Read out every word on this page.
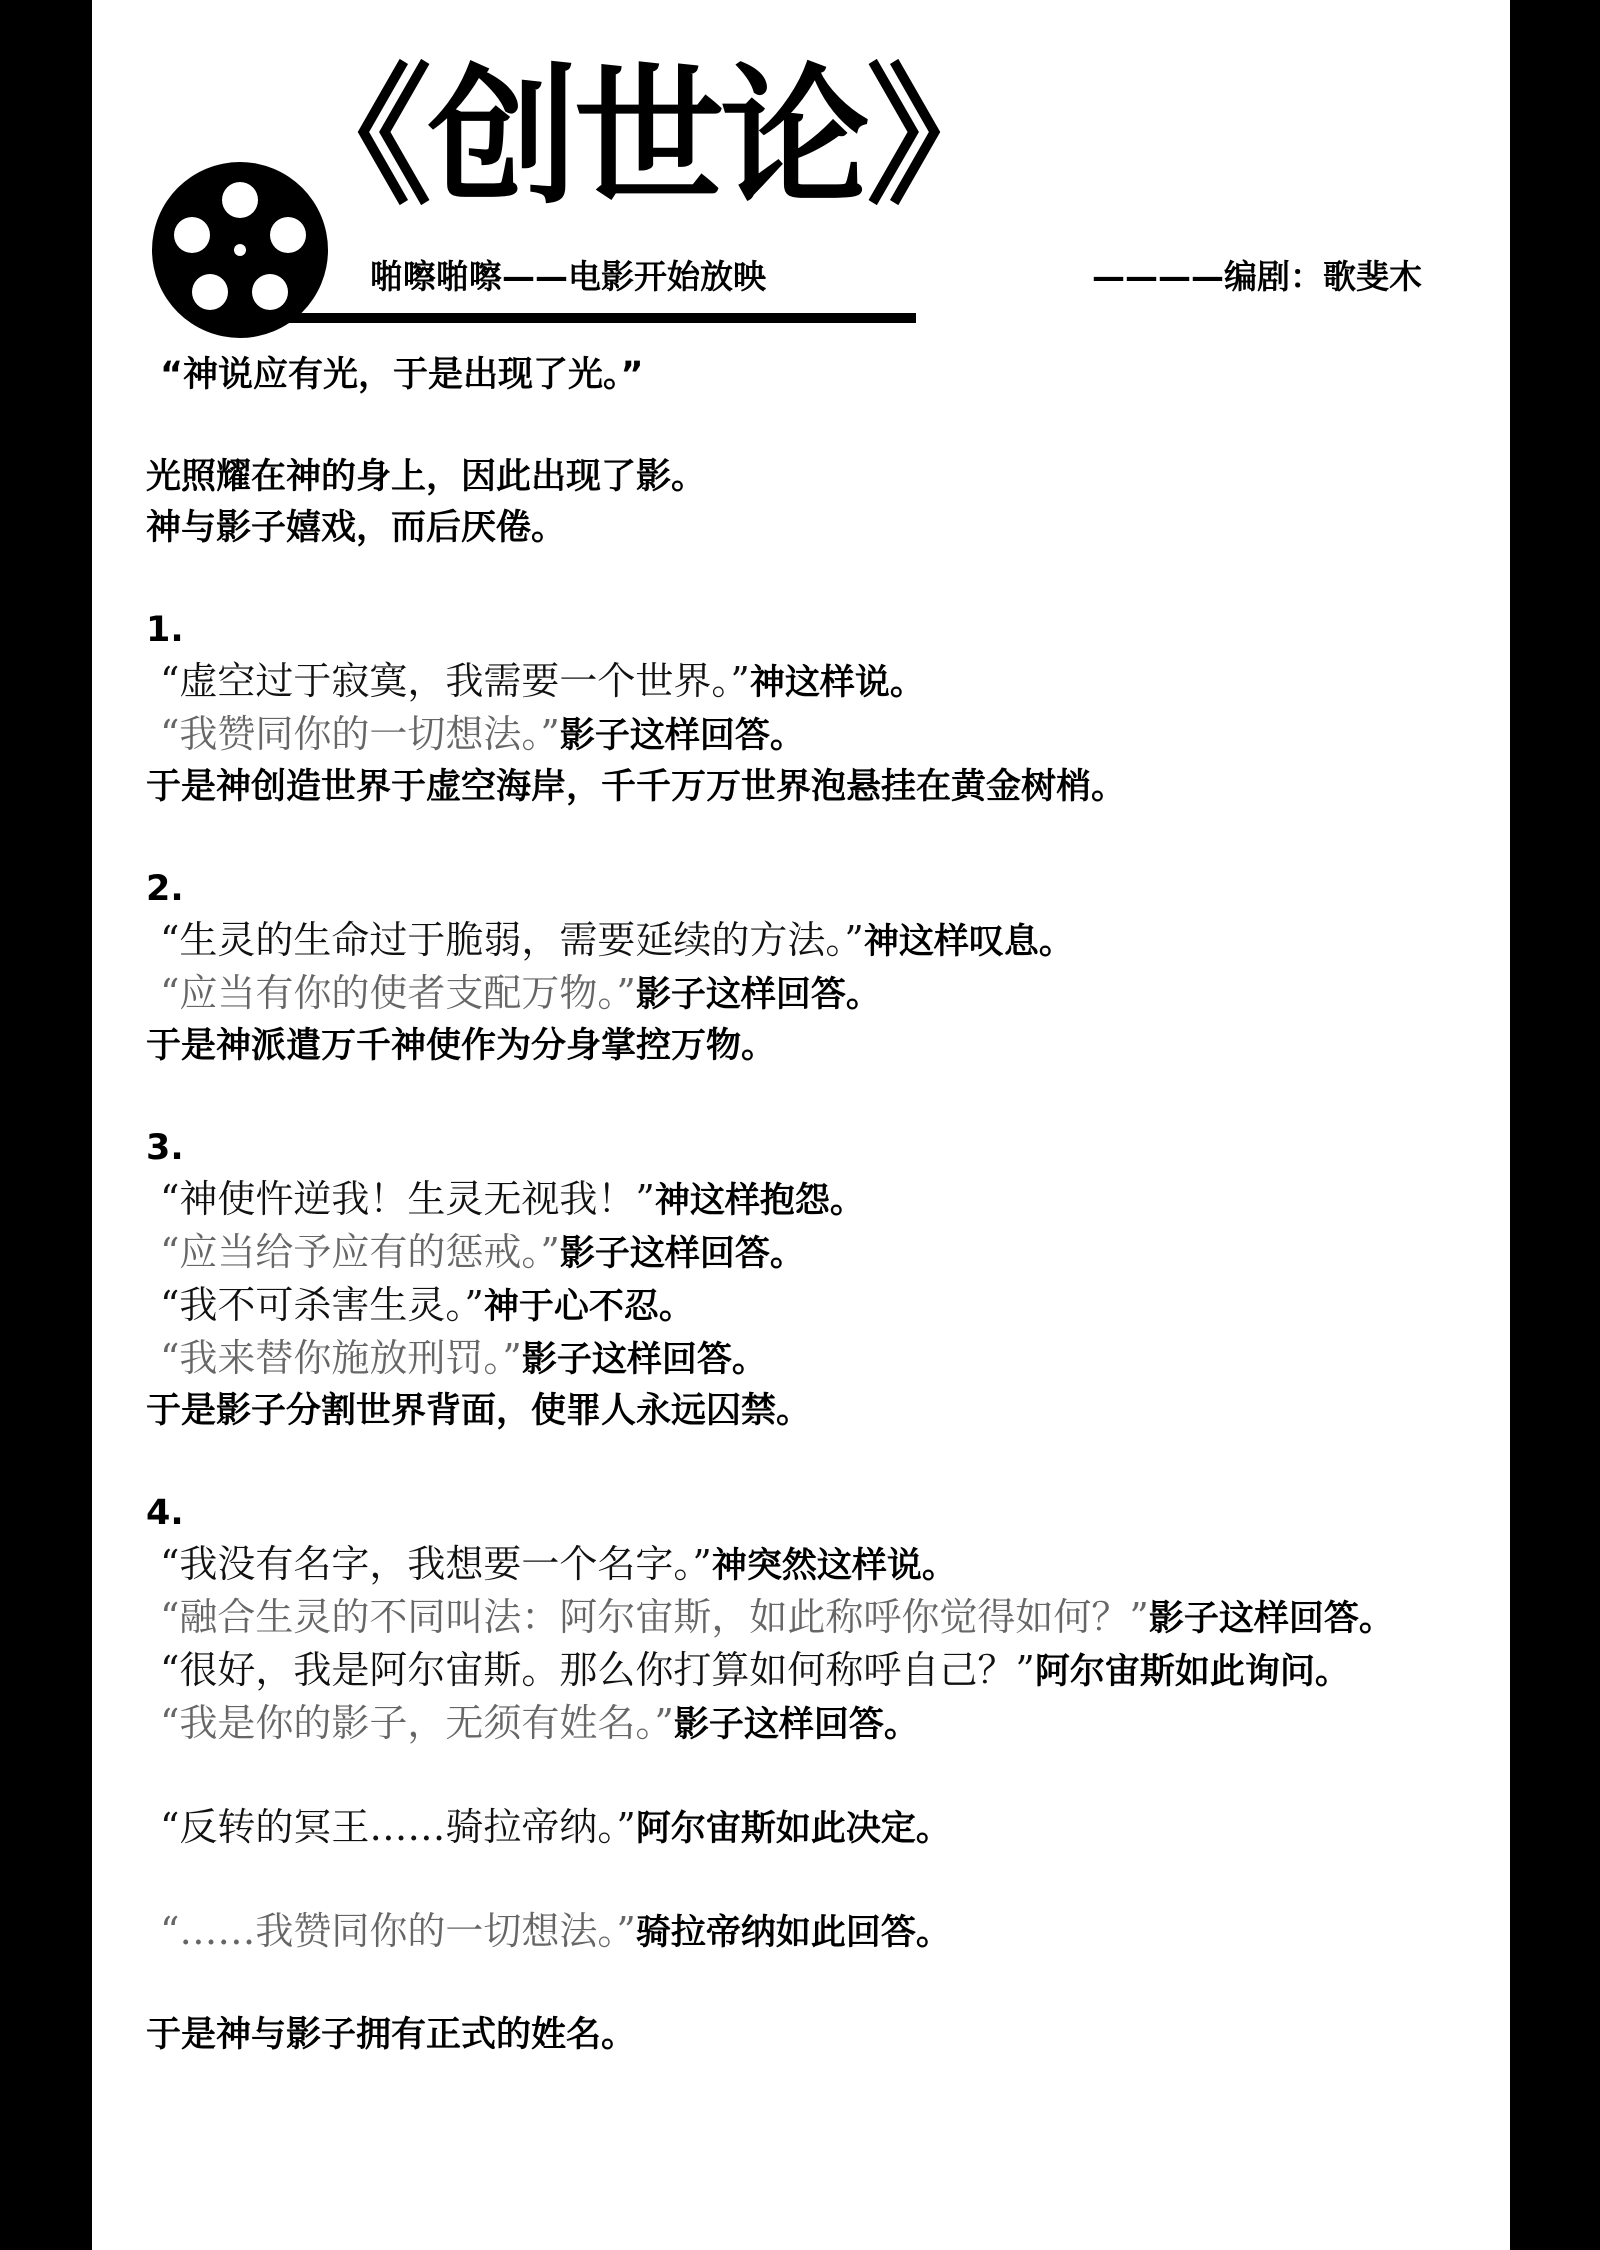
《创世论》
啪嚓啪嚓——电影开始放映	————编剧：歌斐木
“神说应有光，于是出现了光。”
光照耀在神的身上，因此出现了影。
神与影子嬉戏，而后厌倦。
1.
“虚空过于寂寞，我需要一个世界。”神这样说。
“我赞同你的一切想法。”影子这样回答。
于是神创造世界于虚空海岸，千千万万世界泡悬挂在黄金树梢。
2.
“生灵的生命过于脆弱，需要延续的方法。”神这样叹息。
“应当有你的使者支配万物。”影子这样回答。
于是神派遣万千神使作为分身掌控万物。
3.
“神使忤逆我！生灵无视我！”神这样抱怨。
“应当给予应有的惩戒。”影子这样回答。
“我不可杀害生灵。”神于心不忍。
“我来替你施放刑罚。”影子这样回答。
于是影子分割世界背面，使罪人永远囚禁。
4.
“我没有名字，我想要一个名字。”神突然这样说。
“融合生灵的不同叫法：阿尔宙斯，如此称呼你觉得如何？”影子这样回答。
“很好，我是阿尔宙斯。那么你打算如何称呼自己？”阿尔宙斯如此询问。
“我是你的影子，无须有姓名。”影子这样回答。
“反转的冥王……骑拉帝纳。”阿尔宙斯如此决定。
“……我赞同你的一切想法。”骑拉帝纳如此回答。
于是神与影子拥有正式的姓名。
